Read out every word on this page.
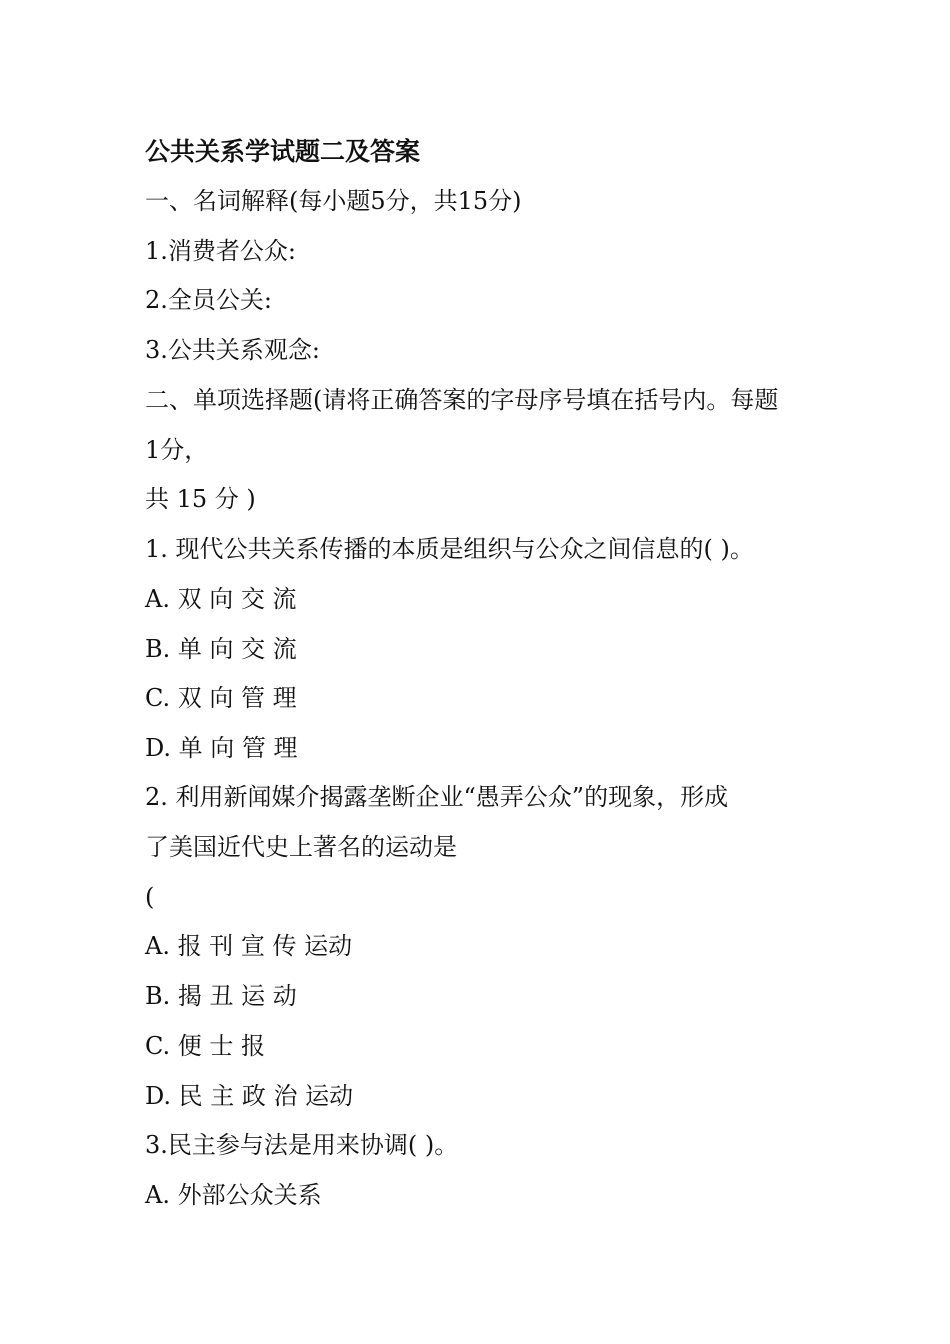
公共关系学试题二及答案
一、名词解释(每小题5分，共15分)
1.消费者公众:
2.全员公关:
3.公共关系观念:
二、单项选择题(请将正确答案的字母序号填在括号内。每题
1分，
共 15 分 )
1. 现代公共关系传播的本质是组织与公众之间信息的( )。
A. 双 向 交 流
B. 单 向 交 流
C. 双 向 管 理
D. 单 向 管 理
2. 利用新闻媒介揭露垄断企业“愚弄公众”的现象，形成
了美国近代史上著名的运动是
(
A. 报 刊 宣 传 运动
B. 揭 丑 运 动
C. 便 士 报
D. 民 主 政 治 运动
3.民主参与法是用来协调( )。
A. 外部公众关系
